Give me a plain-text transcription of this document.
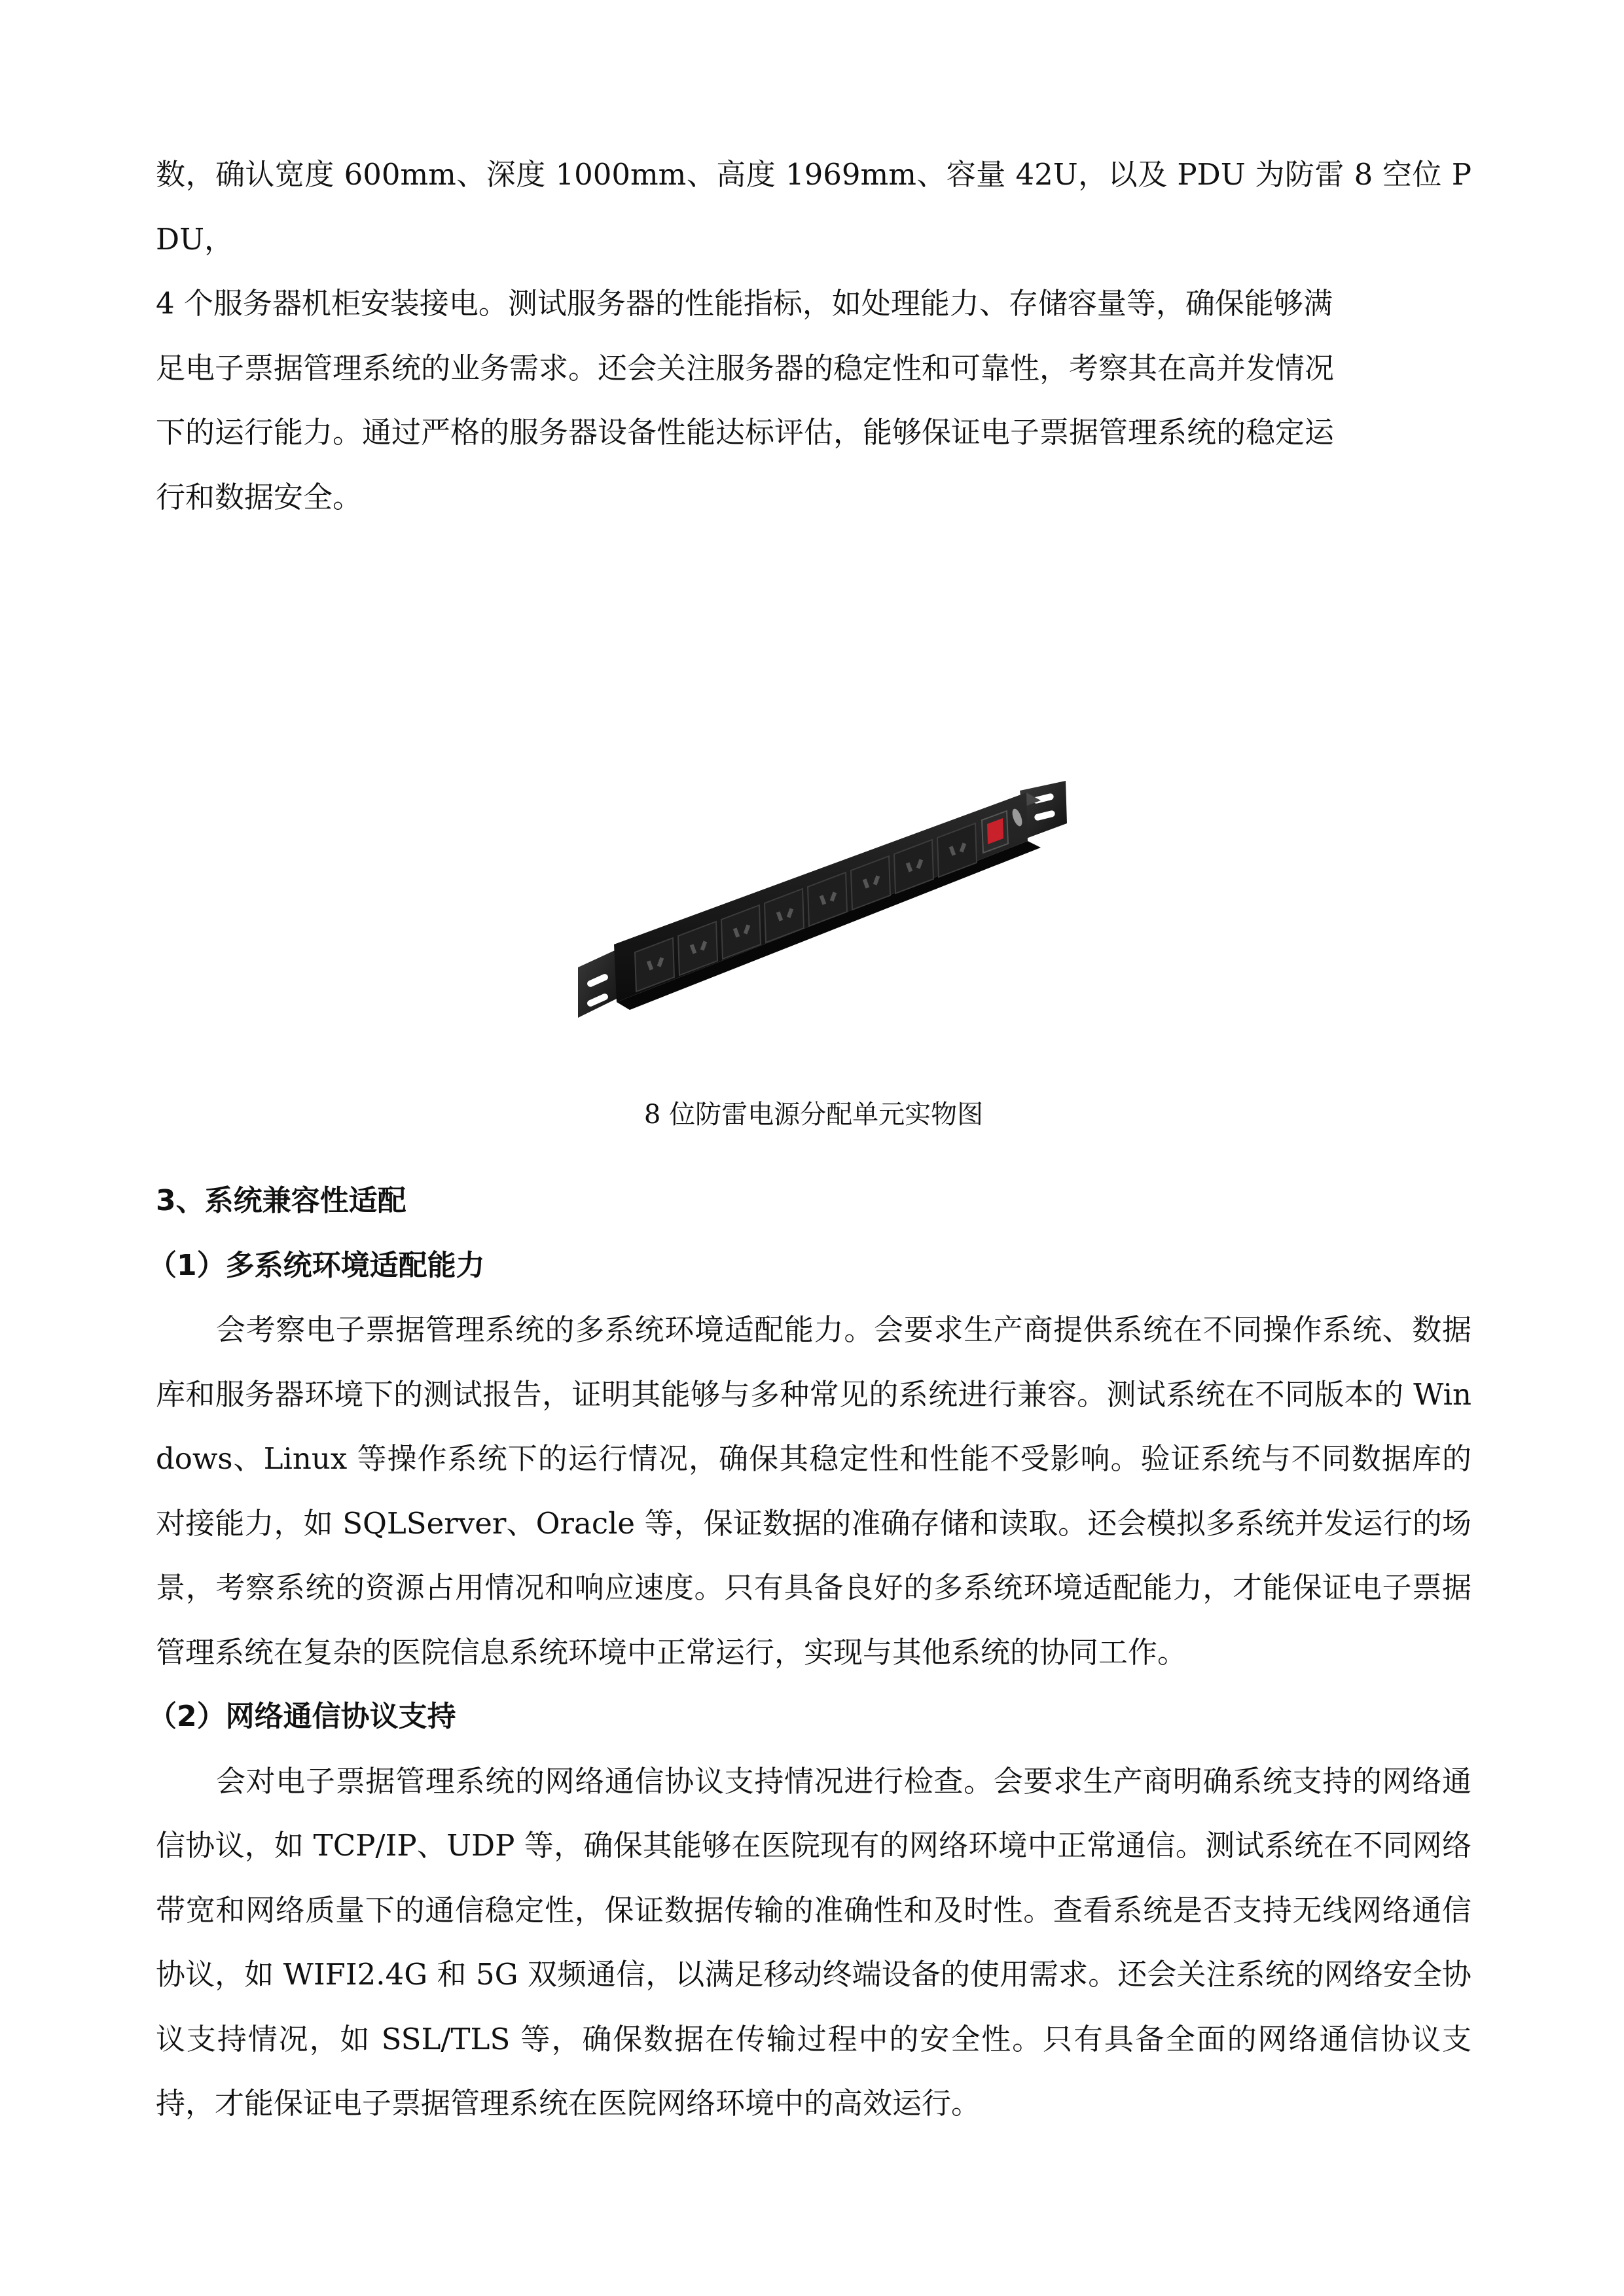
数，确认宽度 600mm、深度 1000mm、高度 1969mm、容量 42U，以及 PDU 为防雷 8 空位 PDU，

4 个服务器机柜安装接电。测试服务器的性能指标，如处理能力、存储容量等，确保能够满

足电子票据管理系统的业务需求。还会关注服务器的稳定性和可靠性，考察其在高并发情况

下的运行能力。通过严格的服务器设备性能达标评估，能够保证电子票据管理系统的稳定运

行和数据安全。

8 位防雷电源分配单元实物图
3、系统兼容性适配
（1）多系统环境适配能力

会考察电子票据管理系统的多系统环境适配能力。会要求生产商提供系统在不同操作系统、数据库和服务器环境下的测试报告，证明其能够与多种常见的系统进行兼容。测试系统在不同版本的 Windows、Linux 等操作系统下的运行情况，确保其稳定性和性能不受影响。验证系统与不同数据库的对接能力，如 SQLServer、Oracle 等，保证数据的准确存储和读取。还会模拟多系统并发运行的场景，考察系统的资源占用情况和响应速度。只有具备良好的多系统环境适配能力，才能保证电子票据管理系统在复杂的医院信息系统环境中正常运行，实现与其他系统的协同工作。

（2）网络通信协议支持

会对电子票据管理系统的网络通信协议支持情况进行检查。会要求生产商明确系统支持的网络通信协议，如 TCP/IP、UDP 等，确保其能够在医院现有的网络环境中正常通信。测试系统在不同网络带宽和网络质量下的通信稳定性，保证数据传输的准确性和及时性。查看系统是否支持无线网络通信协议，如 WIFI2.4G 和 5G 双频通信，以满足移动终端设备的使用需求。还会关注系统的网络安全协议支持情况，如 SSL/TLS 等，确保数据在传输过程中的安全性。只有具备全面的网络通信协议支持，才能保证电子票据管理系统在医院网络环境中的高效运行。
